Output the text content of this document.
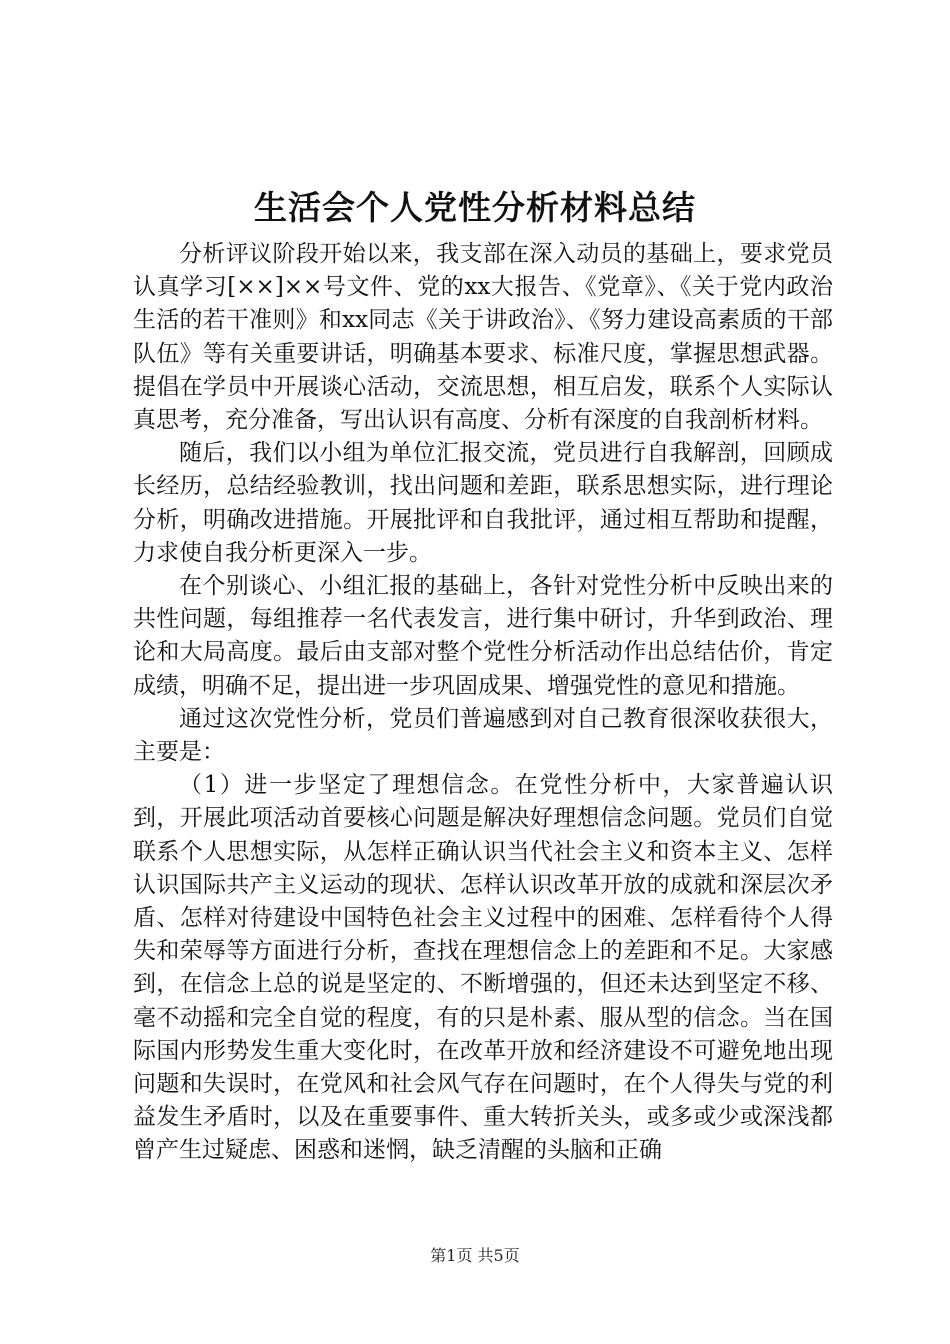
生活会个人党性分析材料总结

分析评议阶段开始以来，我支部在深入动员的基础上，要求党员认真学习[××]××号文件、党的xx大报告、《党章》、《关于党内政治生活的若干准则》和xx同志《关于讲政治》、《努力建设高素质的干部队伍》等有关重要讲话，明确基本要求、标准尺度，掌握思想武器。提倡在学员中开展谈心活动，交流思想，相互启发，联系个人实际认真思考，充分准备，写出认识有高度、分析有深度的自我剖析材料。

随后，我们以小组为单位汇报交流，党员进行自我解剖，回顾成长经历，总结经验教训，找出问题和差距，联系思想实际，进行理论分析，明确改进措施。开展批评和自我批评，通过相互帮助和提醒，力求使自我分析更深入一步。

在个别谈心、小组汇报的基础上，各针对党性分析中反映出来的共性问题，每组推荐一名代表发言，进行集中研讨，升华到政治、理论和大局高度。最后由支部对整个党性分析活动作出总结估价，肯定成绩，明确不足，提出进一步巩固成果、增强党性的意见和措施。

通过这次党性分析，党员们普遍感到对自己教育很深收获很大，主要是：

（1）进一步坚定了理想信念。在党性分析中，大家普遍认识到，开展此项活动首要核心问题是解决好理想信念问题。党员们自觉联系个人思想实际，从怎样正确认识当代社会主义和资本主义、怎样认识国际共产主义运动的现状、怎样认识改革开放的成就和深层次矛盾、怎样对待建设中国特色社会主义过程中的困难、怎样看待个人得失和荣辱等方面进行分析，查找在理想信念上的差距和不足。大家感到，在信念上总的说是坚定的、不断增强的，但还未达到坚定不移、毫不动摇和完全自觉的程度，有的只是朴素、服从型的信念。当在国际国内形势发生重大变化时，在改革开放和经济建设不可避免地出现问题和失误时，在党风和社会风气存在问题时，在个人得失与党的利益发生矛盾时，以及在重要事件、重大转折关头，或多或少或深浅都曾产生过疑虑、困惑和迷惘，缺乏清醒的头脑和正确

第1页 共5页
